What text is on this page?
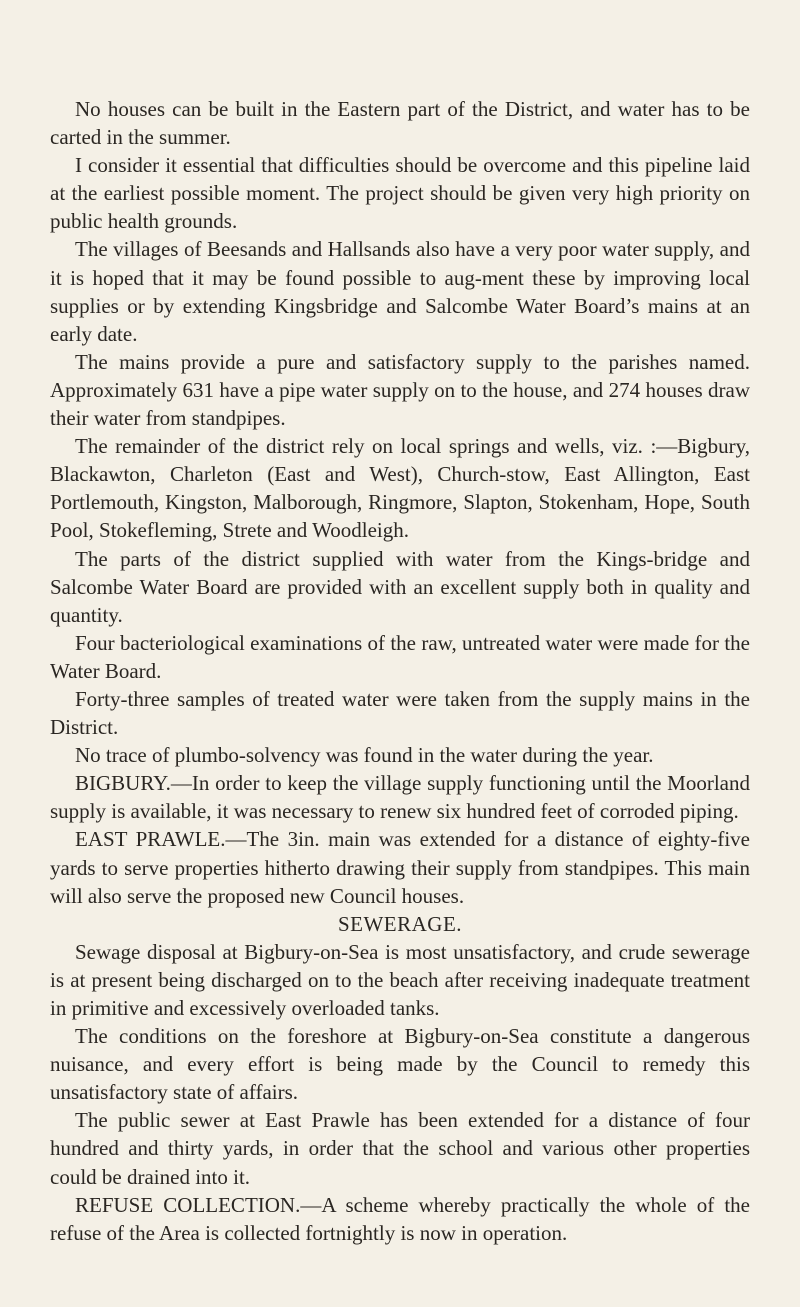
No houses can be built in the Eastern part of the District, and water has to be carted in the summer.

I consider it essential that difficulties should be overcome and this pipeline laid at the earliest possible moment. The project should be given very high priority on public health grounds.

The villages of Beesands and Hallsands also have a very poor water supply, and it is hoped that it may be found possible to aug-ment these by improving local supplies or by extending Kingsbridge and Salcombe Water Board’s mains at an early date.

The mains provide a pure and satisfactory supply to the parishes named. Approximately 631 have a pipe water supply on to the house, and 274 houses draw their water from standpipes.

The remainder of the district rely on local springs and wells, viz. :—Bigbury, Blackawton, Charleton (East and West), Church-stow, East Allington, East Portlemouth, Kingston, Malborough, Ringmore, Slapton, Stokenham, Hope, South Pool, Stokefleming, Strete and Woodleigh.

The parts of the district supplied with water from the Kings-bridge and Salcombe Water Board are provided with an excellent supply both in quality and quantity.

Four bacteriological examinations of the raw, untreated water were made for the Water Board.

Forty-three samples of treated water were taken from the supply mains in the District.

No trace of plumbo-solvency was found in the water during the year.

BIGBURY.—In order to keep the village supply functioning until the Moorland supply is available, it was necessary to renew six hundred feet of corroded piping.

EAST PRAWLE.—The 3in. main was extended for a distance of eighty-five yards to serve properties hitherto drawing their supply from standpipes. This main will also serve the proposed new Council houses.

SEWERAGE.

Sewage disposal at Bigbury-on-Sea is most unsatisfactory, and crude sewerage is at present being discharged on to the beach after receiving inadequate treatment in primitive and excessively overloaded tanks.

The conditions on the foreshore at Bigbury-on-Sea constitute a dangerous nuisance, and every effort is being made by the Council to remedy this unsatisfactory state of affairs.

The public sewer at East Prawle has been extended for a distance of four hundred and thirty yards, in order that the school and various other properties could be drained into it.

REFUSE COLLECTION.—A scheme whereby practically the whole of the refuse of the Area is collected fortnightly is now in operation.
